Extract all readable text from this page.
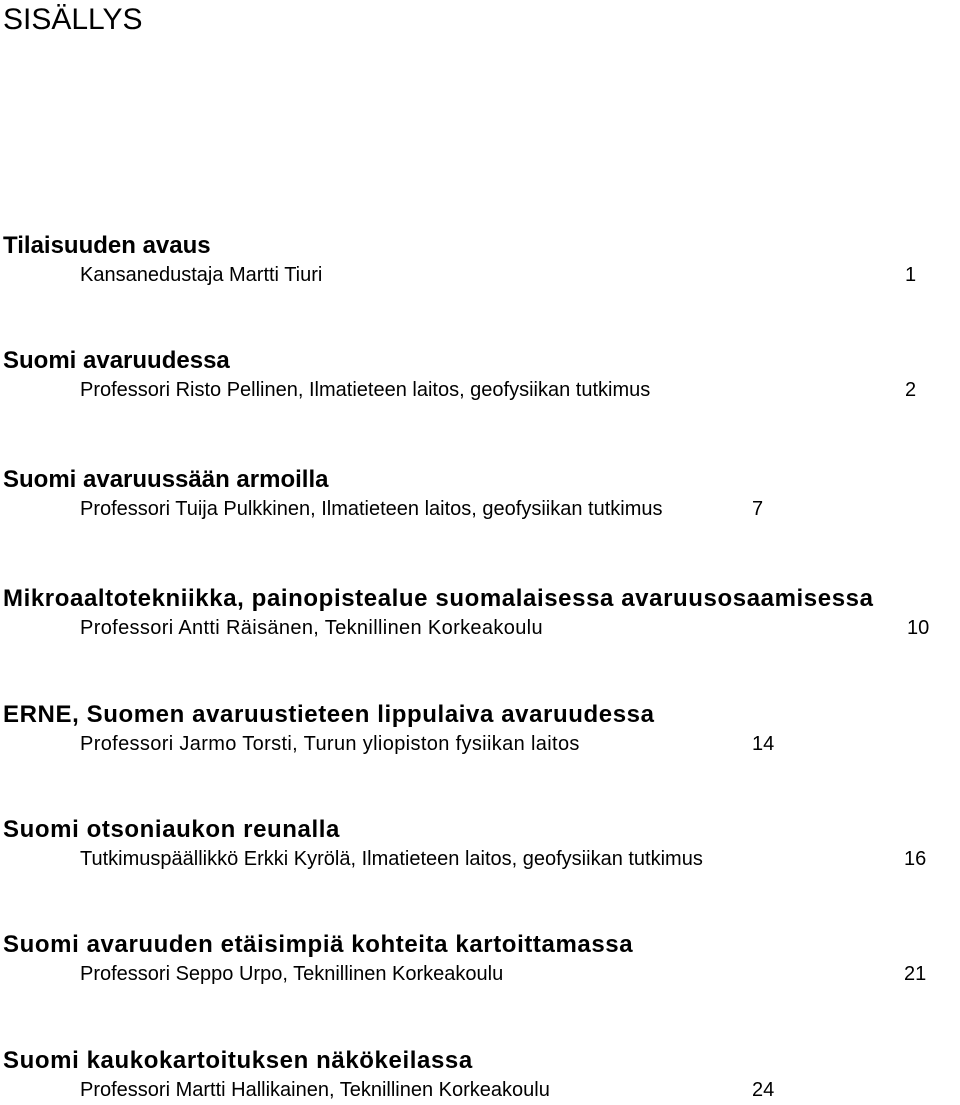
SISÄLLYS
Tilaisuuden avaus
Kansanedustaja Martti Tiuri	1
Suomi avaruudessa
Professori Risto Pellinen, Ilmatieteen laitos, geofysiikan tutkimus	2
Suomi avaruussään armoilla
Professori Tuija Pulkkinen, Ilmatieteen laitos, geofysiikan tutkimus	7
Mikroaaltotekniikka, painopistealue suomalaisessa avaruusosaamisessa
Professori Antti Räisänen, Teknillinen Korkeakoulu	10
ERNE, Suomen avaruustieteen lippulaiva avaruudessa
Professori Jarmo Torsti, Turun yliopiston fysiikan laitos	14
Suomi otsoniaukon reunalla
Tutkimuspäällikkö Erkki Kyrölä, Ilmatieteen laitos, geofysiikan tutkimus	16
Suomi avaruuden etäisimpiä kohteita kartoittamassa
Professori Seppo Urpo, Teknillinen Korkeakoulu	21
Suomi kaukokartoituksen näkökeilassa
Professori Martti Hallikainen, Teknillinen Korkeakoulu	24
